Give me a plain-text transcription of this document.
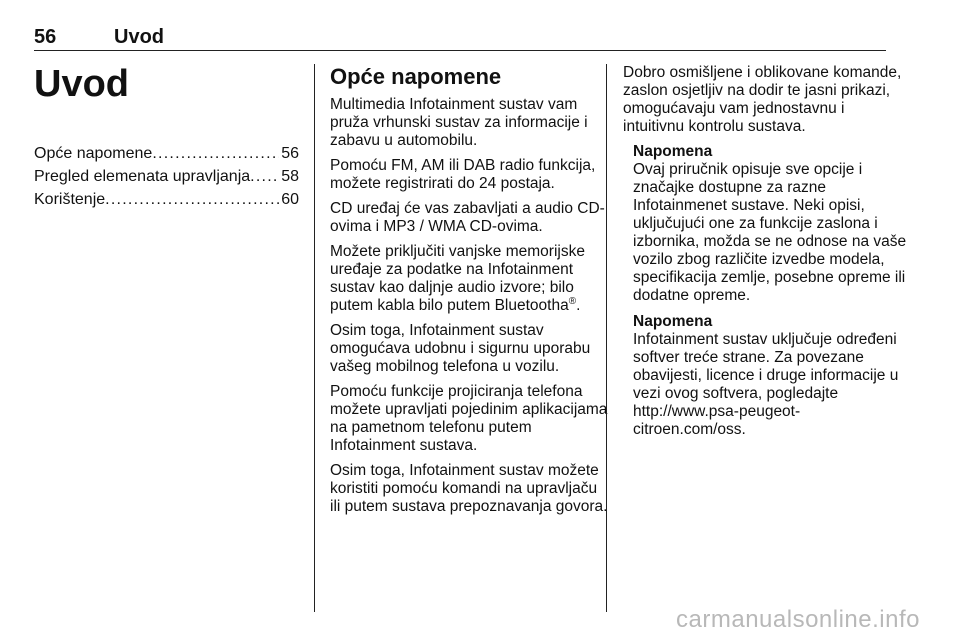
56	Uvod
Uvod
Opće napomene . . .	56
Pregled elemenata upravljanja . . . 58
Korištenje . . .	60
Opće napomene

Multimedia Infotainment sustav vam pruža vrhunski sustav za informacije i zabavu u automobilu.

Pomoću FM, AM ili DAB radio funkcija, možete registrirati do 24 postaja.

CD uređaj će vas zabavljati a audio CD-ovima i MP3 / WMA CD-ovima.

Možete priključiti vanjske memorijske uređaje za podatke na Infotainment sustav kao daljnje audio izvore; bilo putem kabla bilo putem Bluetootha®.

Osim toga, Infotainment sustav omogućava udobnu i sigurnu uporabu vašeg mobilnog telefona u vozilu.

Pomoću funkcije projiciranja telefona možete upravljati pojedinim aplikacijama na pametnom telefonu putem Infotainment sustava.

Osim toga, Infotainment sustav možete koristiti pomoću komandi na upravljaču ili putem sustava prepoznavanja govora.

Dobro osmišljene i oblikovane komande, zaslon osjetljiv na dodir te jasni prikazi, omogućavaju vam jednostavnu i intuitivnu kontrolu sustava.

Napomena

Ovaj priručnik opisuje sve opcije i značajke dostupne za razne Infotainmenet sustave. Neki opisi, uključujući one za funkcije zaslona i izbornika, možda se ne odnose na vaše vozilo zbog različite izvedbe modela, specifikacija zemlje, posebne opreme ili dodatne opreme.

Napomena

Infotainment sustav uključuje određeni softver treće strane. Za povezane obavijesti, licence i druge informacije u vezi ovog softvera, pogledajte http://www.psa-peugeot-citroen.com/oss.

carmanualsonline.info
